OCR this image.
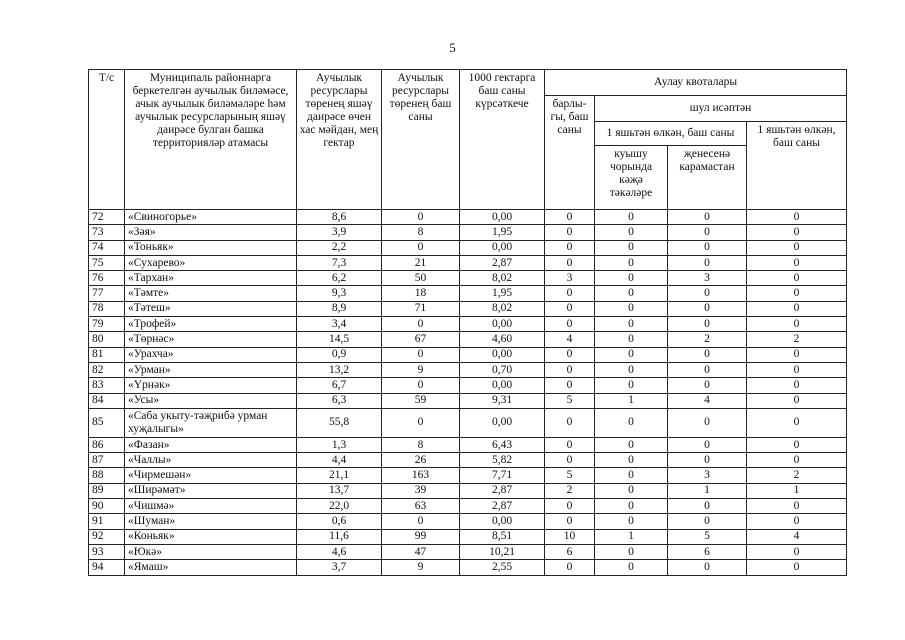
5
Т/с	Муниципаль районнарга беркетелгән аучылык биләмәсе, ачык аучылык биләмәләре һәм аучылык ресурсларының яшәү даирәсе булган башка территорияләр атамасы	Аучылык ресурслары төренең яшәү даирәсе өчен хас мәйдан, мең гектар	Аучылык ресурслары төренең баш саны	1000 гектарга баш саны күрсәткече	Аулау квоталары			
					барлы-гы, баш саны	шул исәптән		
						1 яшьтән өлкән, баш саны		1 яшьтән өлкән, баш саны
						куышу чорында кәҗә тәкәләре	җенесенә карамастан	
72	«Свиногорье»	8,6	0	0,00	0	0	0	0
73	«Зәя»	3,9	8	1,95	0	0	0	0
74	«Тоньяк»	2,2	0	0,00	0	0	0	0
75	«Сухарево»	7,3	21	2,87	0	0	0	0
76	«Тархан»	6,2	50	8,02	3	0	3	0
77	«Тәмте»	9,3	18	1,95	0	0	0	0
78	«Тәтеш»	8,9	71	8,02	0	0	0	0
79	«Трофей»	3,4	0	0,00	0	0	0	0
80	«Төрнәс»	14,5	67	4,60	4	0	2	2
81	«Урахча»	0,9	0	0,00	0	0	0	0
82	«Урман»	13,2	9	0,70	0	0	0	0
83	«Үрнәк»	6,7	0	0,00	0	0	0	0
84	«Усы»	6,3	59	9,31	5	1	4	0
85	«Саба укыту-тәҗрибә урман хуҗалыгы»	55,8	0	0,00	0	0	0	0
86	«Фазан»	1,3	8	6,43	0	0	0	0
87	«Чаллы»	4,4	26	5,82	0	0	0	0
88	«Чирмешән»	21,1	163	7,71	5	0	3	2
89	«Ширәмәт»	13,7	39	2,87	2	0	1	1
90	«Чишмә»	22,0	63	2,87	0	0	0	0
91	«Шуман»	0,6	0	0,00	0	0	0	0
92	«Коньяк»	11,6	99	8,51	10	1	5	4
93	«Юкә»	4,6	47	10,21	6	0	6	0
94	«Ямаш»	3,7	9	2,55	0	0	0	0
